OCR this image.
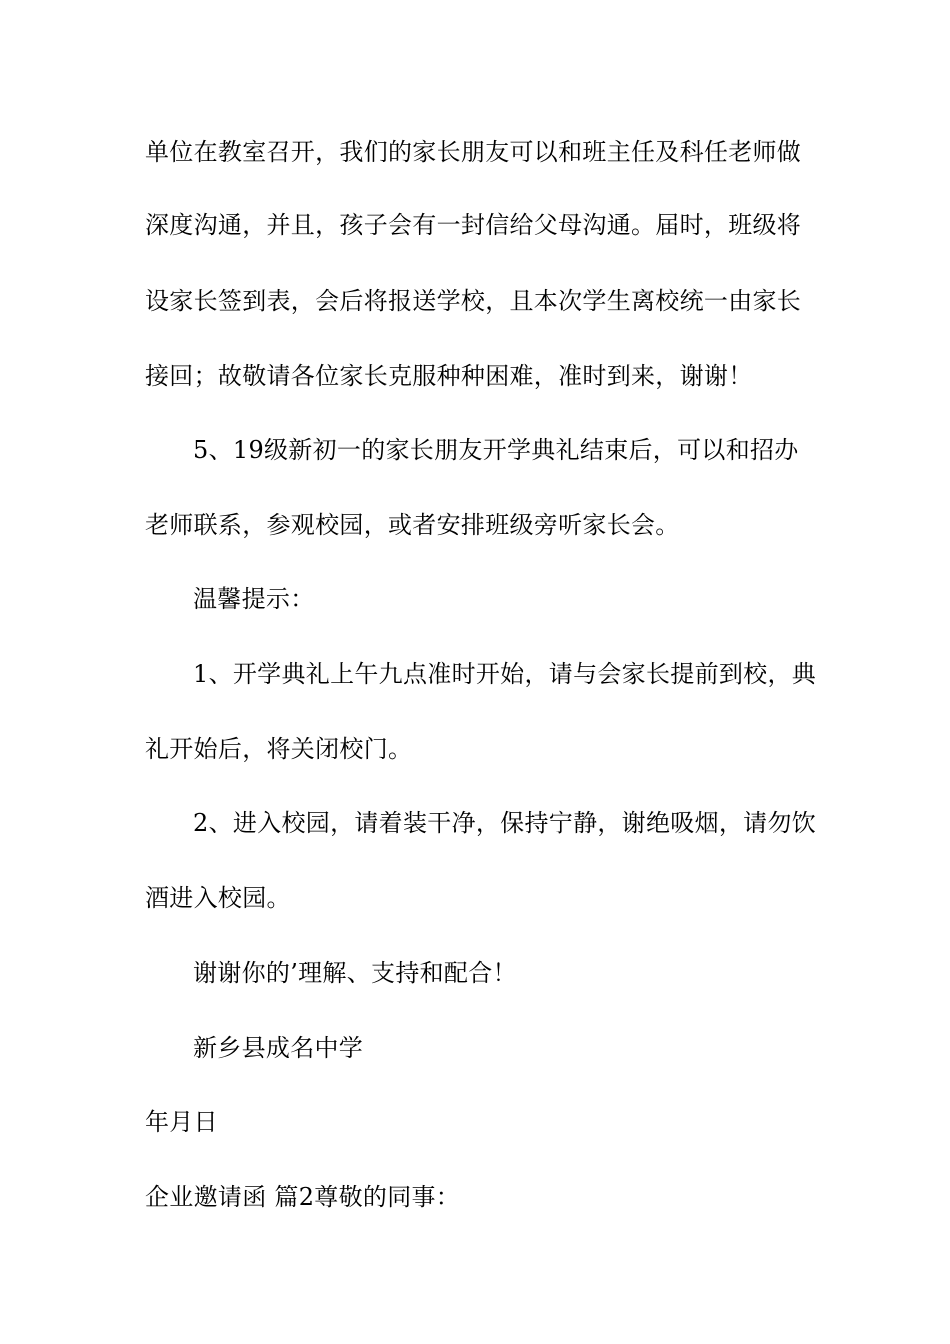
单位在教室召开，我们的家长朋友可以和班主任及科任老师做
深度沟通，并且，孩子会有一封信给父母沟通。届时，班级将
设家长签到表，会后将报送学校，且本次学生离校统一由家长
接回；故敬请各位家长克服种种困难，准时到来，谢谢！
5、19级新初一的家长朋友开学典礼结束后，可以和招办
老师联系，参观校园，或者安排班级旁听家长会。
温馨提示：
1、开学典礼上午九点准时开始，请与会家长提前到校，典
礼开始后，将关闭校门。
2、进入校园，请着装干净，保持宁静，谢绝吸烟，请勿饮
酒进入校园。
谢谢你的’理解、支持和配合！
新乡县成名中学
年月日
企业邀请函 篇2尊敬的同事：
